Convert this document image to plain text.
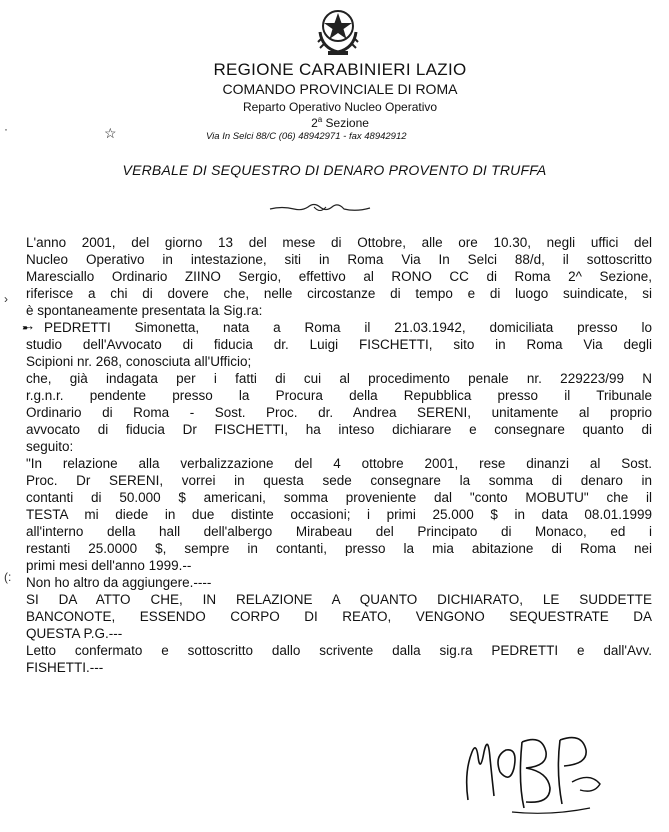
REGIONE CARABINIERI LAZIO
COMANDO PROVINCIALE DI ROMA
Reparto Operativo Nucleo Operativo
2$^a$ Sezione
☆	Via In Selci 88/C (06) 48942971 - fax 48942912
VERBALE DI SEQUESTRO DI DENARO PROVENTO DI TRUFFA
›
(:
·
L'anno 2001, del giorno 13 del mese di Ottobre, alle ore 10.30, negli uffici del
Nucleo Operativo in intestazione, siti in Roma Via In Selci 88/d, il sottoscritto
Maresciallo Ordinario ZIINO Sergio, effettivo al RONO CC di Roma 2^ Sezione,
riferisce a chi di dovere che, nelle circostanze di tempo e di luogo suindicate, si
è spontaneamente presentata la Sig.ra:
➸ PEDRETTI Simonetta, nata a Roma il 21.03.1942, domiciliata presso lo
studio dell'Avvocato di fiducia dr. Luigi FISCHETTI, sito in Roma Via degli
Scipioni nr. 268, conosciuta all'Ufficio;
che, già indagata per i fatti di cui al procedimento penale nr. 229223/99 N
r.g.n.r. pendente presso la Procura della Repubblica presso il Tribunale
Ordinario di Roma - Sost. Proc. dr. Andrea SERENI, unitamente al proprio
avvocato di fiducia Dr FISCHETTI, ha inteso dichiarare e consegnare quanto di
seguito:
"In relazione alla verbalizzazione del 4 ottobre 2001, rese dinanzi al Sost.
Proc. Dr SERENI, vorrei in questa sede consegnare la somma di denaro in
contanti di 50.000 $ americani, somma proveniente dal "conto MOBUTU" che il
TESTA mi diede in due distinte occasioni; i primi 25.000 $ in data 08.01.1999
all'interno della hall dell'albergo Mirabeau del Principato di Monaco, ed i
restanti 25.0000 $, sempre in contanti, presso la mia abitazione di Roma nei
primi mesi dell'anno 1999.--
Non ho altro da aggiungere.----
SI DA ATTO CHE, IN RELAZIONE A QUANTO DICHIARATO, LE SUDDETTE
BANCONOTE, ESSENDO CORPO DI REATO, VENGONO SEQUESTRATE DA
QUESTA P.G.---
Letto confermato e sottoscritto dallo scrivente dalla sig.ra PEDRETTI e dall'Avv.
FISHETTI.---
